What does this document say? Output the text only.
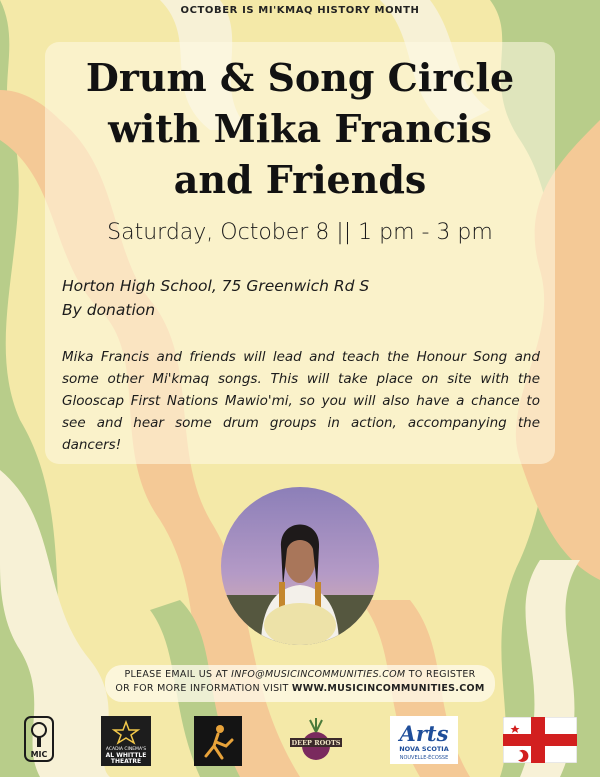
OCTOBER IS MI'KMAQ HISTORY MONTH
Drum & Song Circle
with Mika Francis
and Friends
Saturday, October 8 || 1 pm - 3 pm
Horton High School, 75 Greenwich Rd S
By donation
Mika Francis and friends will lead and teach the Honour Song and some other Mi'kmaq songs. This will take place on site with the Glooscap First Nations Mawio'mi, so you will also have a chance to see and hear some drum groups in action, accompanying the dancers!
PLEASE EMAIL US AT INFO@MUSICINCOMMUNITIES.COM TO REGISTER
OR FOR MORE INFORMATION VISIT WWW.MUSICINCOMMUNITIES.COM
MIC
ACADIA CINEMA'S
AL WHITTLE
THEATRE
DEEP ROOTS	Arts
NOVA SCOTIA
NOUVELLE-ÉCOSSE
